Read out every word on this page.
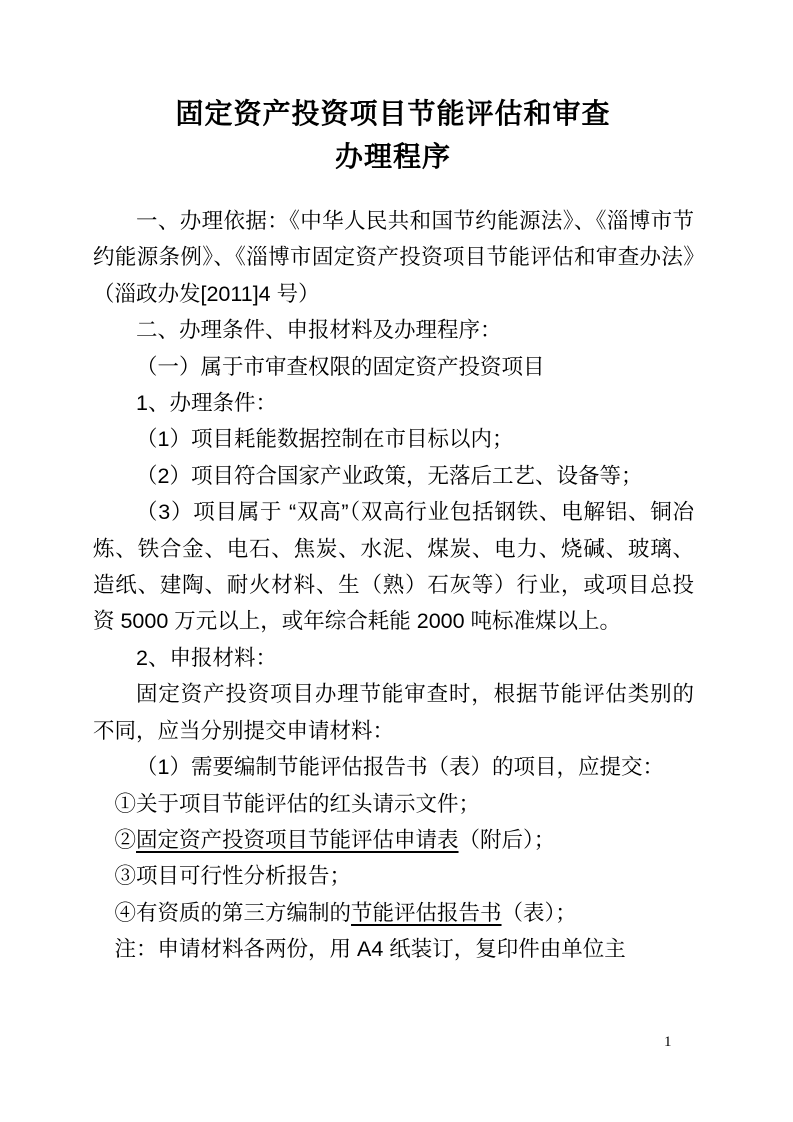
固定资产投资项目节能评估和审查
办理程序

一、办理依据：《中华人民共和国节约能源法》、《淄博市节约能源条例》、《淄博市固定资产投资项目节能评估和审查办法》（淄政办发[2011]4 号）

二、办理条件、申报材料及办理程序：

（一）属于市审查权限的固定资产投资项目

1、办理条件：

（1）项目耗能数据控制在市目标以内；

（2）项目符合国家产业政策，无落后工艺、设备等；

（3）项目属于 “双高”（双高行业包括钢铁、电解铝、铜冶炼、铁合金、电石、焦炭、水泥、煤炭、电力、烧碱、玻璃、造纸、建陶、耐火材料、生（熟）石灰等）行业，或项目总投资 5000 万元以上，或年综合耗能 2000 吨标准煤以上。

2、申报材料：

固定资产投资项目办理节能审查时，根据节能评估类别的不同，应当分别提交申请材料：

（1）需要编制节能评估报告书（表）的项目，应提交：

①关于项目节能评估的红头请示文件；

②固定资产投资项目节能评估申请表（附后）；

③项目可行性分析报告；

④有资质的第三方编制的节能评估报告书（表）；

注：申请材料各两份，用 A4 纸装订，复印件由单位主

1
